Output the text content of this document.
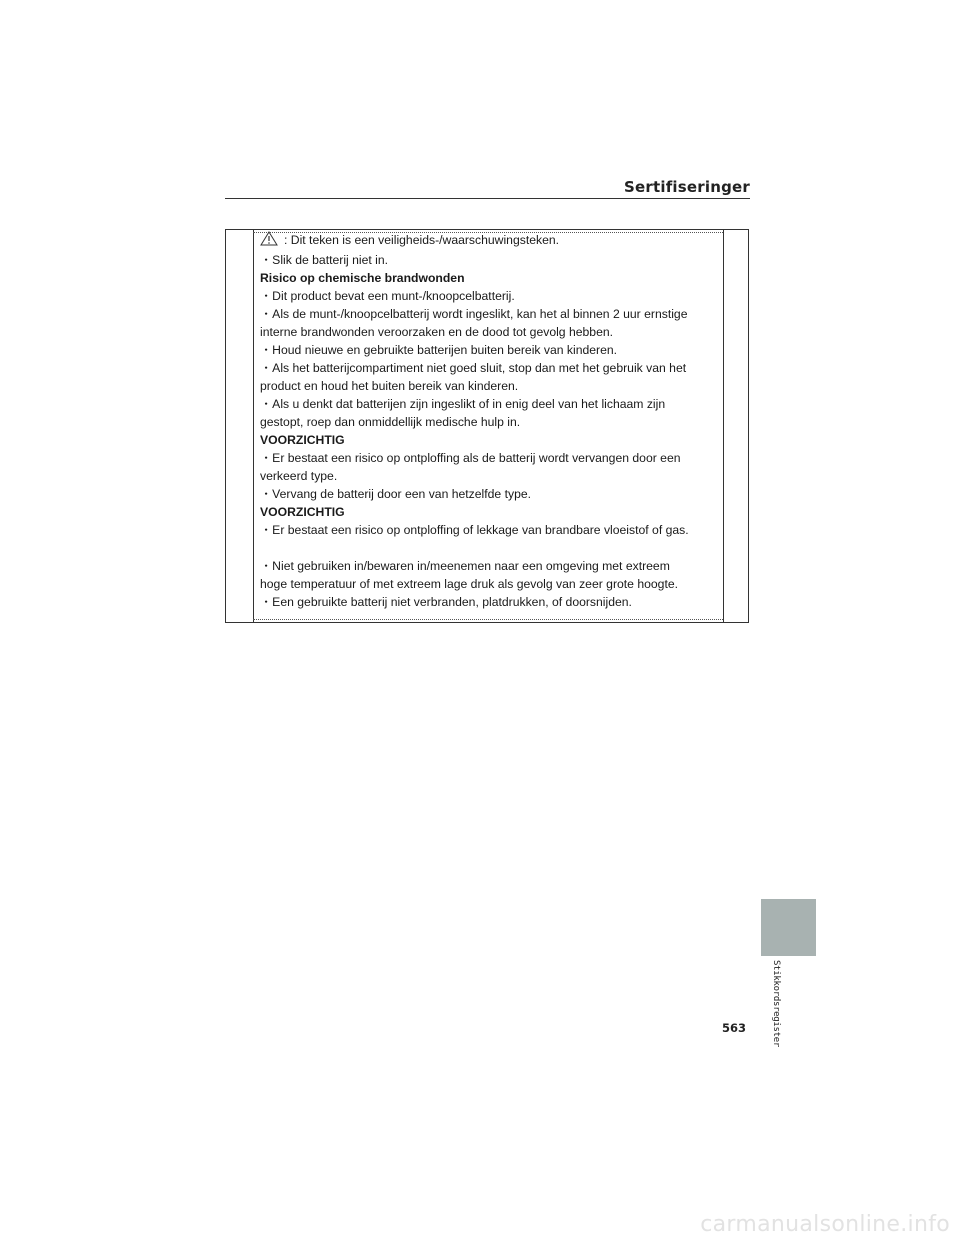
Sertifiseringer

: Dit teken is een veiligheids-/waarschuwingsteken.

・Slik de batterij niet in.

Risico op chemische brandwonden

・Dit product bevat een munt-/knoopcelbatterij.

・Als de munt-/knoopcelbatterij wordt ingeslikt, kan het al binnen 2 uur ernstige

interne brandwonden veroorzaken en de dood tot gevolg hebben.

・Houd nieuwe en gebruikte batterijen buiten bereik van kinderen.

・Als het batterijcompartiment niet goed sluit, stop dan met het gebruik van het

product en houd het buiten bereik van kinderen.

・Als u denkt dat batterijen zijn ingeslikt of in enig deel van het lichaam zijn

gestopt, roep dan onmiddellijk medische hulp in.

VOORZICHTIG

・Er bestaat een risico op ontploffing als de batterij wordt vervangen door een

verkeerd type.

・Vervang de batterij door een van hetzelfde type.

VOORZICHTIG

・Er bestaat een risico op ontploffing of lekkage van brandbare vloeistof of gas.

・Niet gebruiken in/bewaren in/meenemen naar een omgeving met extreem

hoge temperatuur of met extreem lage druk als gevolg van zeer grote hoogte.

・Een gebruikte batterij niet verbranden, platdrukken, of doorsnijden.

Stikkordsregister
563
carmanualsonline.info
